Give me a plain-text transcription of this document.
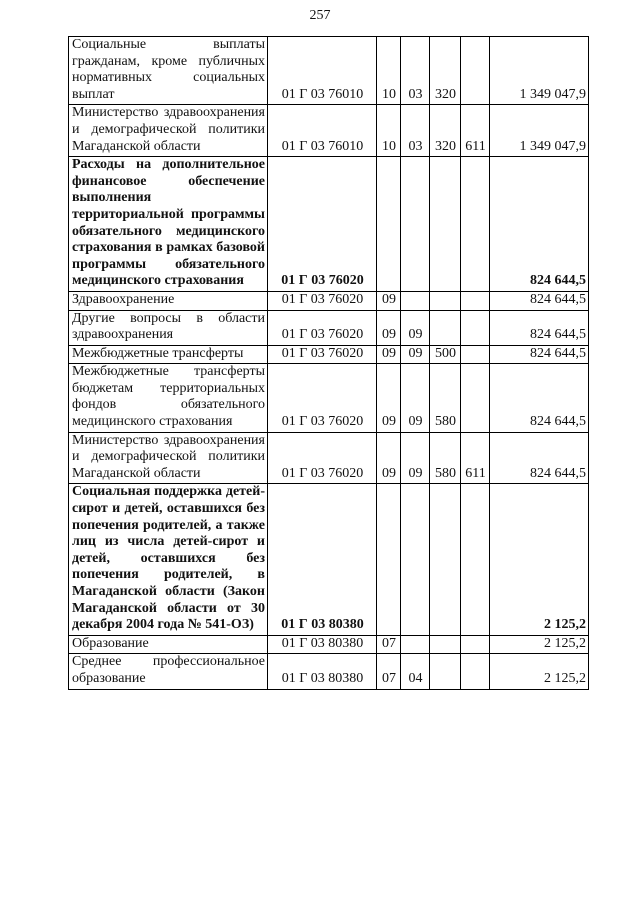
257
Социальные выплаты гражданам, кроме публичных нормативных социальных выплат	01 Г 03 76010	10	03	320		1 349 047,9
Министерство здравоохранения и демографической политики Магаданской области	01 Г 03 76010	10	03	320	611	1 349 047,9
Расходы на дополнительное финансовое обеспечение выполнения территориальной программы обязательного медицинского страхования в рамках базовой программы обязательного медицинского страхования	01 Г 03 76020					824 644,5
Здравоохранение	01 Г 03 76020	09				824 644,5
Другие вопросы в области здравоохранения	01 Г 03 76020	09	09			824 644,5
Межбюджетные трансферты	01 Г 03 76020	09	09	500		824 644,5
Межбюджетные трансферты бюджетам территориальных фондов обязательного медицинского страхования	01 Г 03 76020	09	09	580		824 644,5
Министерство здравоохранения и демографической политики Магаданской области	01 Г 03 76020	09	09	580	611	824 644,5
Социальная поддержка детей-сирот и детей, оставшихся без попечения родителей, а также лиц из числа детей-сирот и детей, оставшихся без попечения родителей, в Магаданской области (Закон Магаданской области от 30 декабря 2004 года № 541-ОЗ)	01 Г 03 80380					2 125,2
Образование	01 Г 03 80380	07				2 125,2
Среднее профессиональное образование	01 Г 03 80380	07	04			2 125,2
